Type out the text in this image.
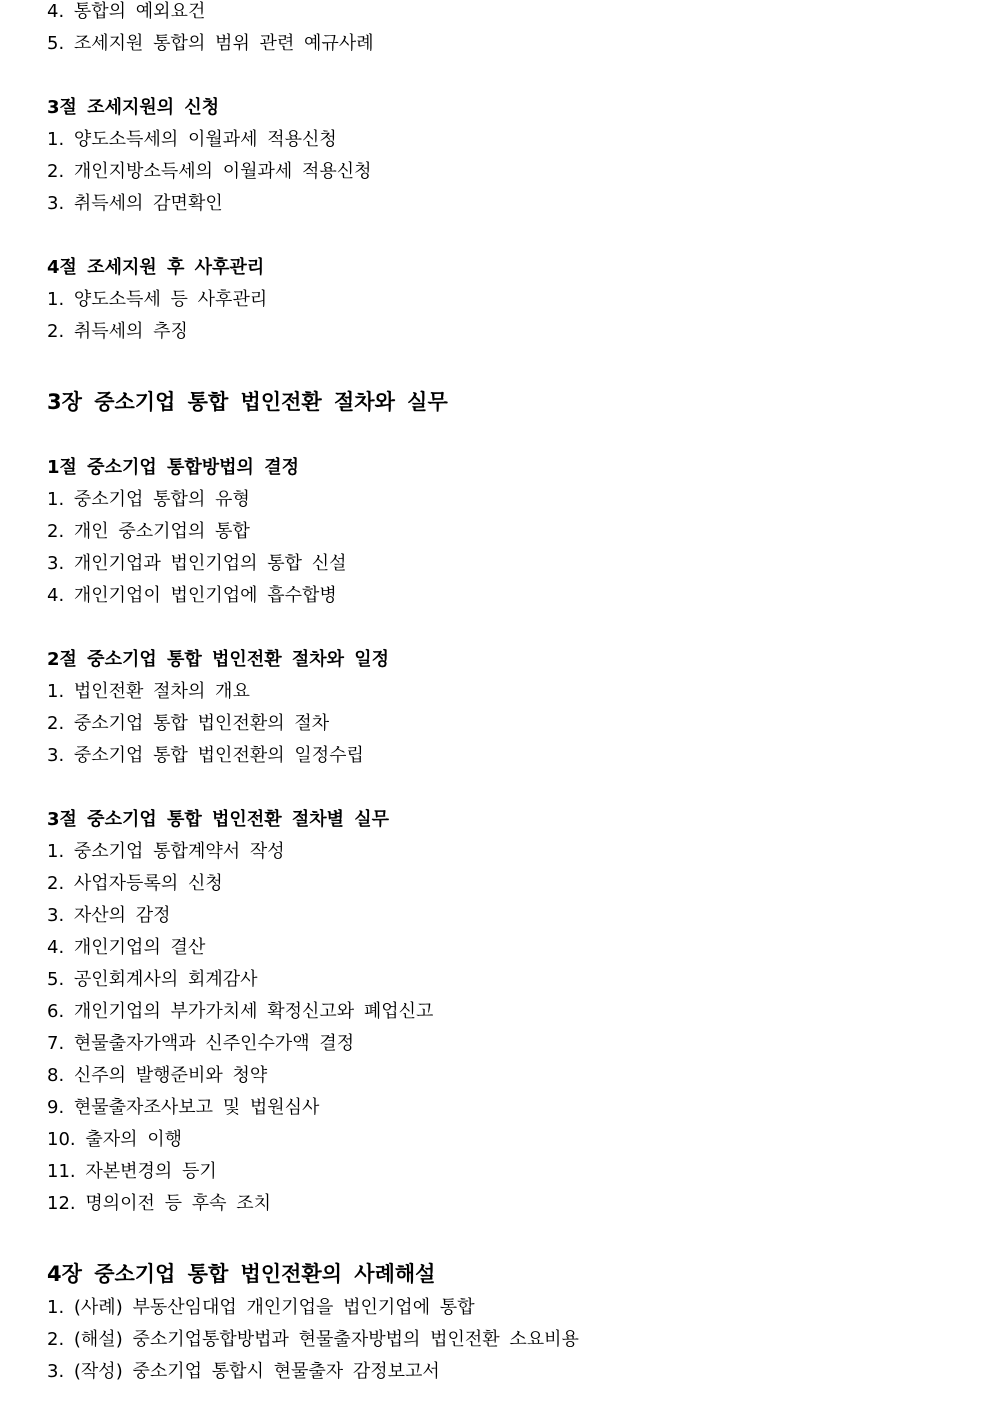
4. 통합의 예외요건
5. 조세지원 통합의 범위 관련 예규사례
3절 조세지원의 신청
1. 양도소득세의 이월과세 적용신청
2. 개인지방소득세의 이월과세 적용신청
3. 취득세의 감면확인
4절 조세지원 후 사후관리
1. 양도소득세 등 사후관리
2. 취득세의 추징
3장 중소기업 통합 법인전환 절차와 실무
1절 중소기업 통합방법의 결정
1. 중소기업 통합의 유형
2. 개인 중소기업의 통합
3. 개인기업과 법인기업의 통합 신설
4. 개인기업이 법인기업에 흡수합병
2절 중소기업 통합 법인전환 절차와 일정
1. 법인전환 절차의 개요
2. 중소기업 통합 법인전환의 절차
3. 중소기업 통합 법인전환의 일정수립
3절 중소기업 통합 법인전환 절차별 실무
1. 중소기업 통합계약서 작성
2. 사업자등록의 신청
3. 자산의 감정
4. 개인기업의 결산
5. 공인회계사의 회계감사
6. 개인기업의 부가가치세 확정신고와 폐업신고
7. 현물출자가액과 신주인수가액 결정
8. 신주의 발행준비와 청약
9. 현물출자조사보고 및 법원심사
10. 출자의 이행
11. 자본변경의 등기
12. 명의이전 등 후속 조치
4장 중소기업 통합 법인전환의 사례해설
1. (사례) 부동산임대업 개인기업을 법인기업에 통합
2. (해설) 중소기업통합방법과 현물출자방법의 법인전환 소요비용
3. (작성) 중소기업 통합시 현물출자 감정보고서
